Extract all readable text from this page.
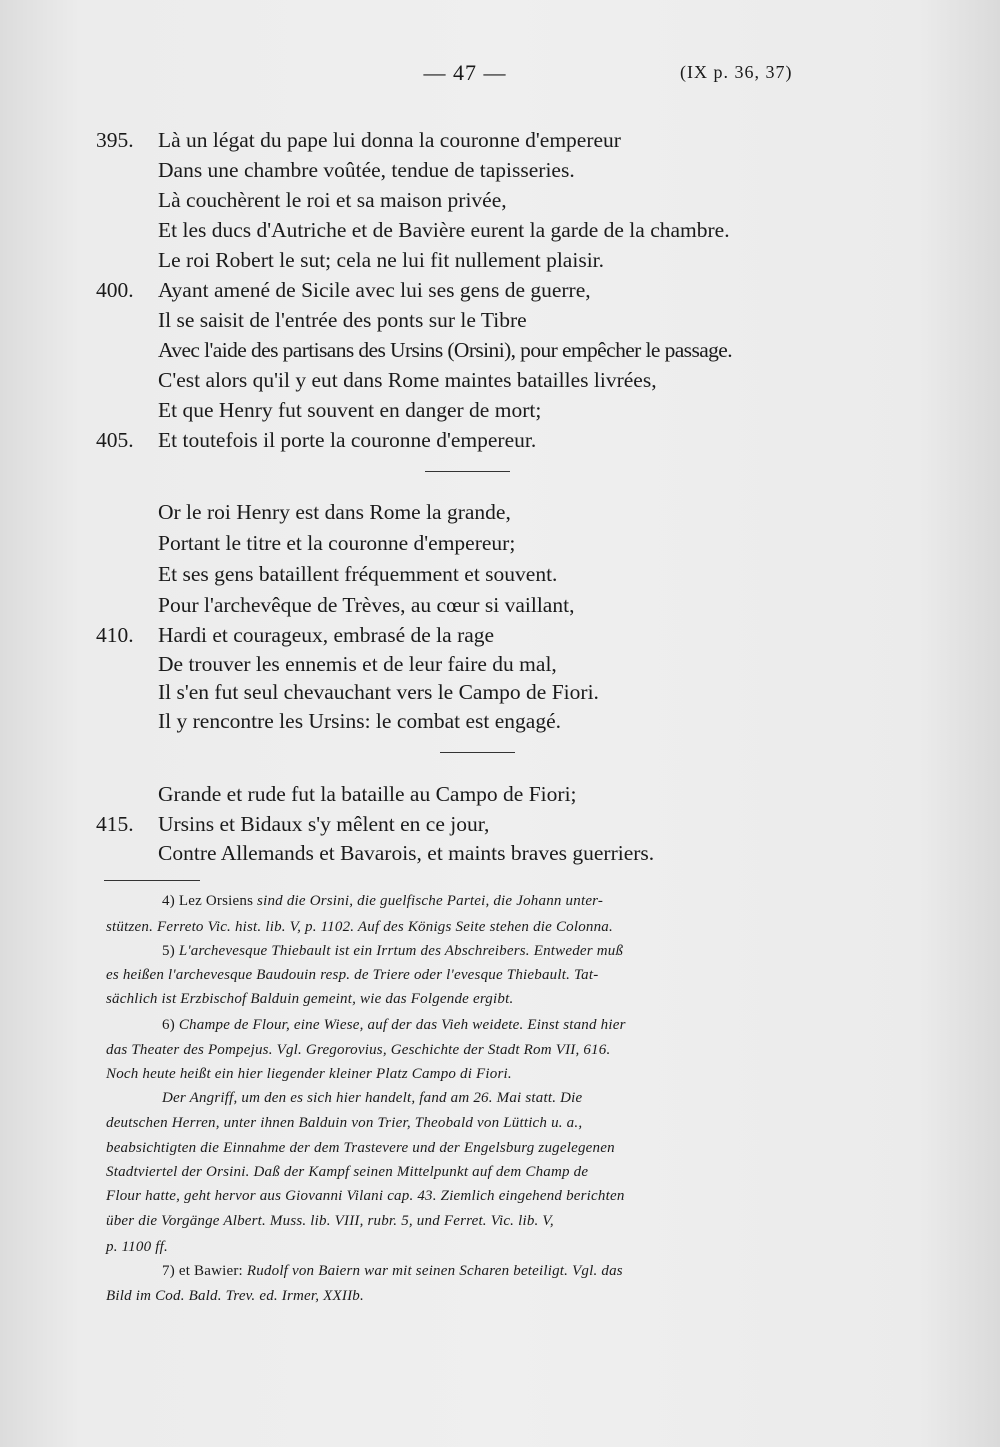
— 47 —	(IX p. 36, 37)
395.	Là un légat du pape lui donna la couronne d'empereur
Dans une chambre voûtée, tendue de tapisseries.
Là couchèrent le roi et sa maison privée,
Et les ducs d'Autriche et de Bavière eurent la garde de la chambre.
Le roi Robert le sut; cela ne lui fit nullement plaisir.
400.	Ayant amené de Sicile avec lui ses gens de guerre,
Il se saisit de l'entrée des ponts sur le Tibre
Avec l'aide des partisans des Ursins (Orsini), pour empêcher le passage.
C'est alors qu'il y eut dans Rome maintes batailles livrées,
Et que Henry fut souvent en danger de mort;
405.	Et toutefois il porte la couronne d'empereur.
Or le roi Henry est dans Rome la grande,
Portant le titre et la couronne d'empereur;
Et ses gens bataillent fréquemment et souvent.
Pour l'archevêque de Trèves, au cœur si vaillant,
410.	Hardi et courageux, embrasé de la rage
De trouver les ennemis et de leur faire du mal,
Il s'en fut seul chevauchant vers le Campo de Fiori.
Il y rencontre les Ursins: le combat est engagé.
Grande et rude fut la bataille au Campo de Fiori;
415.	Ursins et Bidaux s'y mêlent en ce jour,
Contre Allemands et Bavarois, et maints braves guerriers.
4) Lez Orsiens sind die Orsini, die guelfische Partei, die Johann unter-
stützen. Ferreto Vic. hist. lib. V, p. 1102. Auf des Königs Seite stehen die Colonna.
5) L'archevesque Thiebault ist ein Irrtum des Abschreibers. Entweder muß
es heißen l'archevesque Baudouin resp. de Triere oder l'evesque Thiebault. Tat-
sächlich ist Erzbischof Balduin gemeint, wie das Folgende ergibt.
6) Champe de Flour, eine Wiese, auf der das Vieh weidete. Einst stand hier
das Theater des Pompejus. Vgl. Gregorovius, Geschichte der Stadt Rom VII, 616.
Noch heute heißt ein hier liegender kleiner Platz Campo di Fiori.
Der Angriff, um den es sich hier handelt, fand am 26. Mai statt. Die
deutschen Herren, unter ihnen Balduin von Trier, Theobald von Lüttich u. a.,
beabsichtigten die Einnahme der dem Trastevere und der Engelsburg zugelegenen
Stadtviertel der Orsini. Daß der Kampf seinen Mittelpunkt auf dem Champ de
Flour hatte, geht hervor aus Giovanni Vilani cap. 43. Ziemlich eingehend berichten
über die Vorgänge Albert. Muss. lib. VIII, rubr. 5, und Ferret. Vic. lib. V,
p. 1100 ff.
7) et Bawier: Rudolf von Baiern war mit seinen Scharen beteiligt. Vgl. das
Bild im Cod. Bald. Trev. ed. Irmer, XXIIb.
